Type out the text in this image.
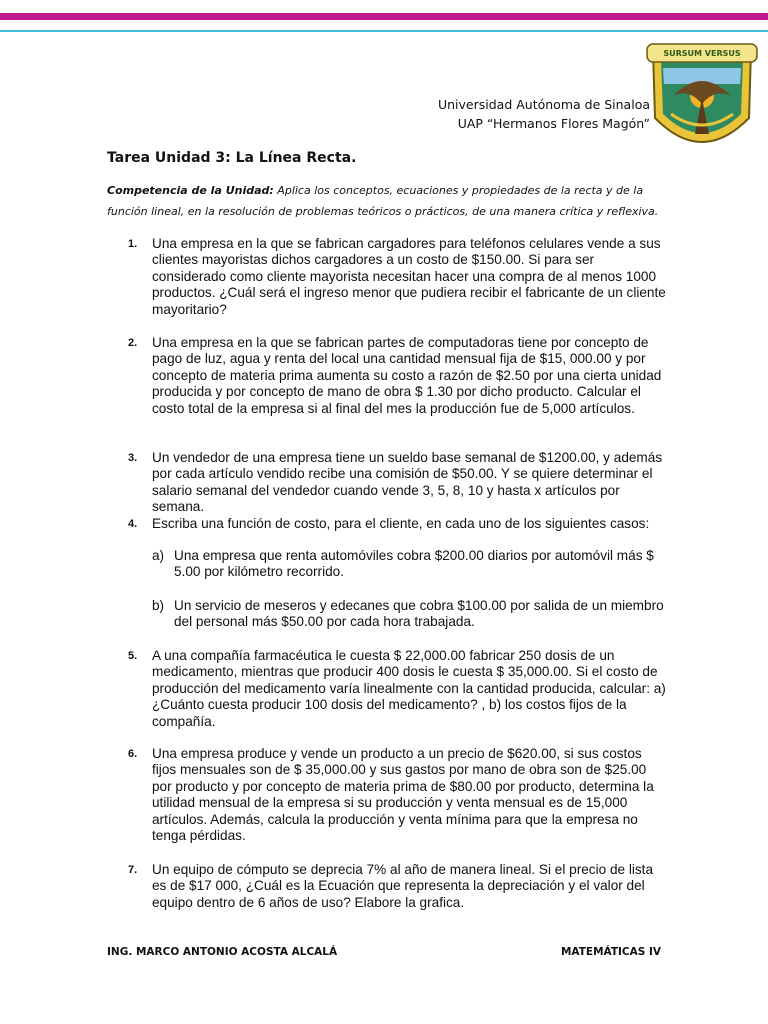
SURSUM VERSUS
Universidad Autónoma de Sinaloa
UAP “Hermanos Flores Magón”
Tarea Unidad 3: La Línea Recta.
Competencia de la Unidad: Aplica los conceptos, ecuaciones y propiedades de la recta y de la función lineal, en la resolución de problemas teóricos o prácticos, de una manera crítica y reflexiva.
1. Una empresa en la que se fabrican cargadores para teléfonos celulares vende a sus clientes mayoristas dichos cargadores a un costo de $150.00. Si para ser considerado como cliente mayorista necesitan hacer una compra de al menos 1000 productos. ¿Cuál será el ingreso menor que pudiera recibir el fabricante de un cliente mayoritario?
2. Una empresa en la que se fabrican partes de computadoras tiene por concepto de pago de luz, agua y renta del local una cantidad mensual fija de $15, 000.00 y por concepto de materia prima aumenta su costo a razón de $2.50 por una cierta unidad producida y por concepto de mano de obra $ 1.30 por dicho producto. Calcular el costo total de la empresa si al final del mes la producción fue de 5,000 artículos.
3. Un vendedor de una empresa tiene un sueldo base semanal de $1200.00, y además por cada artículo vendido recibe una comisión de $50.00. Y se quiere determinar el salario semanal del vendedor cuando vende 3, 5, 8, 10 y hasta x artículos por semana.
4. Escriba una función de costo, para el cliente, en cada uno de los siguientes casos:
a) Una empresa que renta automóviles cobra $200.00 diarios por automóvil más $ 5.00 por kilómetro recorrido.
b) Un servicio de meseros y edecanes que cobra $100.00 por salida de un miembro del personal más $50.00 por cada hora trabajada.
5. A una compañía farmacéutica le cuesta $ 22,000.00 fabricar 250 dosis de un medicamento, mientras que producir 400 dosis le cuesta $ 35,000.00. Si el costo de producción del medicamento varía linealmente con la cantidad producida, calcular: a) ¿Cuánto cuesta producir 100 dosis del medicamento? , b) los costos fijos de la compañía.
6. Una empresa produce y vende un producto a un precio de $620.00, si sus costos fijos mensuales son de $ 35,000.00 y sus gastos por mano de obra son de $25.00 por producto y por concepto de materia prima de $80.00 por producto, determina la utilidad mensual de la empresa si su producción y venta mensual es de 15,000 artículos. Además, calcula la producción y venta mínima para que la empresa no tenga pérdidas.
7. Un equipo de cómputo se deprecia 7% al año de manera lineal. Si el precio de lista es de $17 000, ¿Cuál es la Ecuación que representa la depreciación y el valor del equipo dentro de 6 años de uso? Elabore la grafica.
ING. MARCO ANTONIO ACOSTA ALCALÁ	MATEMÁTICAS IV
